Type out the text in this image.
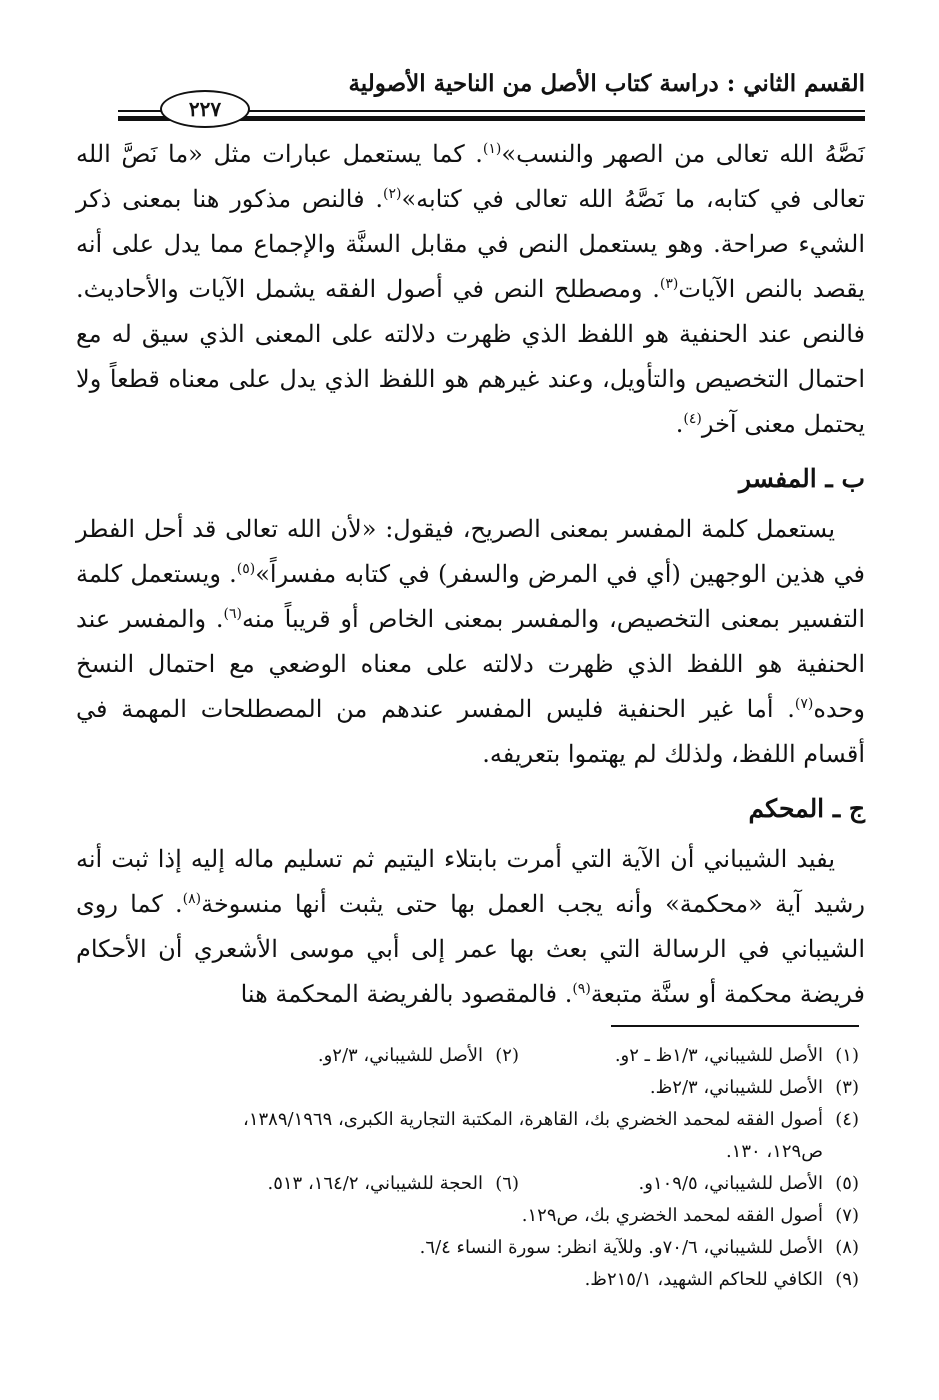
القسم الثاني : دراسة كتاب الأصل من الناحية الأصولية
٢٢٧

نَصَّهُ الله تعالى من الصهر والنسب»$^{(١)}$. كما يستعمل عبارات مثل «ما نَصَّ الله تعالى في كتابه، ما نَصَّهُ الله تعالى في كتابه»$^{(٢)}$. فالنص مذكور هنا بمعنى ذكر الشيء صراحة. وهو يستعمل النص في مقابل السنَّة والإجماع مما يدل على أنه يقصد بالنص الآيات$^{(٣)}$. ومصطلح النص في أصول الفقه يشمل الآيات والأحاديث. فالنص عند الحنفية هو اللفظ الذي ظهرت دلالته على المعنى الذي سيق له مع احتمال التخصيص والتأويل، وعند غيرهم هو اللفظ الذي يدل على معناه قطعاً ولا يحتمل معنى آخر$^{(٤)}$.

ب ـ المفسر

يستعمل كلمة المفسر بمعنى الصريح، فيقول: «لأن الله تعالى قد أحل الفطر في هذين الوجهين (أي في المرض والسفر) في كتابه مفسراً»$^{(٥)}$. ويستعمل كلمة التفسير بمعنى التخصيص، والمفسر بمعنى الخاص أو قريباً منه$^{(٦)}$. والمفسر عند الحنفية هو اللفظ الذي ظهرت دلالته على معناه الوضعي مع احتمال النسخ وحده$^{(٧)}$. أما غير الحنفية فليس المفسر عندهم من المصطلحات المهمة في أقسام اللفظ، ولذلك لم يهتموا بتعريفه.

ج ـ المحكم

يفيد الشيباني أن الآية التي أمرت بابتلاء اليتيم ثم تسليم ماله إليه إذا ثبت أنه رشيد آية «محكمة» وأنه يجب العمل بها حتى يثبت أنها منسوخة$^{(٨)}$. كما روى الشيباني في الرسالة التي بعث بها عمر إلى أبي موسى الأشعري أن الأحكام فريضة محكمة أو سنَّة متبعة$^{(٩)}$. فالمقصود بالفريضة المحكمة هنا

(١)
الأصل للشيباني، ١/٣ظ ـ ٢و.
(٢)
الأصل للشيباني، ٢/٣و.
(٣)
الأصل للشيباني، ٢/٣ظ.
(٤)
أصول الفقه لمحمد الخضري بك، القاهرة، المكتبة التجارية الكبرى، ١٣٨٩/١٩٦٩،
ص١٢٩، ١٣٠.
(٥)
الأصل للشيباني، ١٠٩/٥و.
(٦)
الحجة للشيباني، ١٦٤/٢، ٥١٣.
(٧)
أصول الفقه لمحمد الخضري بك، ص١٢٩.
(٨)
الأصل للشيباني، ٧٠/٦و. وللآية انظر: سورة النساء ٦/٤.
(٩)
الكافي للحاكم الشهيد، ٢١٥/١ظ.
